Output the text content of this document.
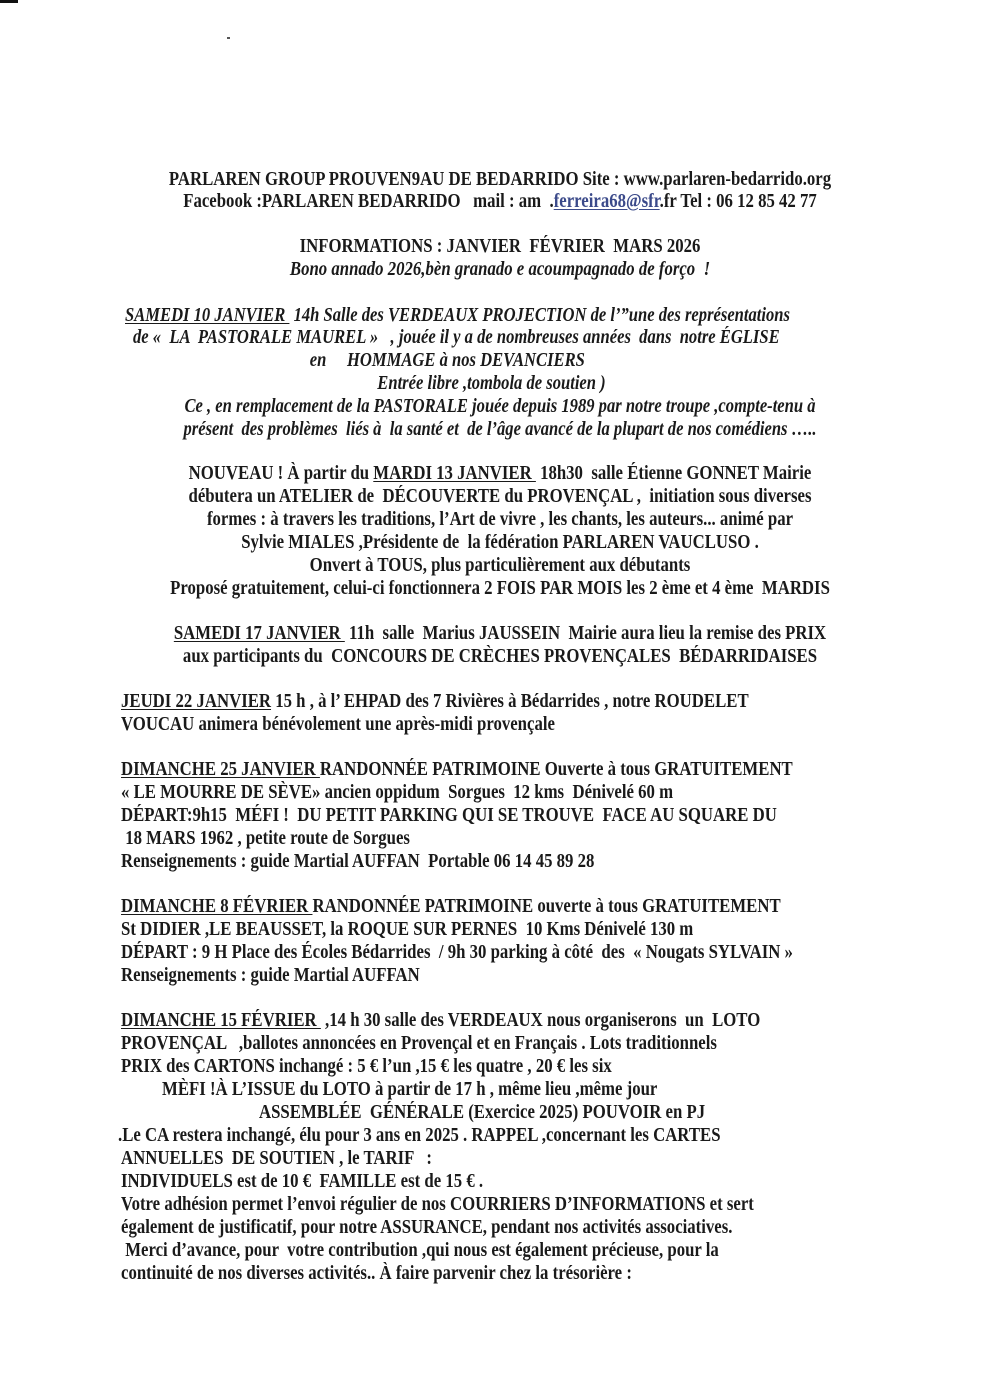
PARLAREN GROUP PROUVEN9AU DE BEDARRIDO Site : www.parlaren-bedarrido.org
Facebook :PARLAREN BEDARRIDO   mail : am  .ferreira68@sfr.fr Tel : 06 12 85 42 77
INFORMATIONS : JANVIER  FÉVRIER  MARS 2026
Bono annado 2026,bèn granado e acoumpagnado de forço  !
SAMEDI 10 JANVIER  14h Salle des VERDEAUX PROJECTION de l’”une des représentations
de «  LA  PASTORALE MAUREL »   , jouée il y a de nombreuses années  dans  notre ÉGLISE
en     HOMMAGE à nos DEVANCIERS
Entrée libre ,tombola de soutien )
Ce , en remplacement de la PASTORALE jouée depuis 1989 par notre troupe ,compte-tenu à
présent  des problèmes  liés à  la santé et  de l’âge avancé de la plupart de nos comédiens …..
NOUVEAU ! À partir du MARDI 13 JANVIER  18h30  salle Étienne GONNET Mairie
débutera un ATELIER de  DÉCOUVERTE du PROVENÇAL ,  initiation sous diverses
formes : à travers les traditions, l’Art de vivre , les chants, les auteurs... animé par
Sylvie MIALES ,Présidente de  la fédération PARLAREN VAUCLUSO .
Onvert à TOUS, plus particulièrement aux débutants
Proposé gratuitement, celui-ci fonctionnera 2 FOIS PAR MOIS les 2 ème et 4 ème  MARDIS
SAMEDI 17 JANVIER  11h  salle  Marius JAUSSEIN  Mairie aura lieu la remise des PRIX
aux participants du  CONCOURS DE CRÈCHES PROVENÇALES  BÉDARRIDAISES
JEUDI 22 JANVIER 15 h , à l’ EHPAD des 7 Rivières à Bédarrides , notre ROUDELET
VOUCAU animera bénévolement une après-midi provençale
DIMANCHE 25 JANVIER RANDONNÉE PATRIMOINE Ouverte à tous GRATUITEMENT
« LE MOURRE DE SÈVE» ancien oppidum  Sorgues  12 kms  Dénivelé 60 m
DÉPART:9h15  MÉFI !  DU PETIT PARKING QUI SE TROUVE  FACE AU SQUARE DU
18 MARS 1962 , petite route de Sorgues
Renseignements : guide Martial AUFFAN  Portable 06 14 45 89 28
DIMANCHE 8 FÉVRIER RANDONNÉE PATRIMOINE ouverte à tous GRATUITEMENT
St DIDIER ,LE BEAUSSET, la ROQUE SUR PERNES  10 Kms Dénivelé 130 m
DÉPART : 9 H Place des Écoles Bédarrides  / 9h 30 parking à côté  des  « Nougats SYLVAIN »
Renseignements : guide Martial AUFFAN
DIMANCHE 15 FÉVRIER  ,14 h 30 salle des VERDEAUX nous organiserons  un  LOTO
PROVENÇAL   ,ballotes annoncées en Provençal et en Français . Lots traditionnels
PRIX des CARTONS inchangé : 5 € l’un ,15 € les quatre , 20 € les six
MÈFI !À L’ISSUE du LOTO à partir de 17 h , même lieu ,même jour
ASSEMBLÉE  GÉNÉRALE (Exercice 2025) POUVOIR en PJ
.Le CA restera inchangé, élu pour 3 ans en 2025 . RAPPEL ,concernant les CARTES
ANNUELLES  DE SOUTIEN , le TARIF   :
INDIVIDUELS est de 10 €  FAMILLE est de 15 € .
Votre adhésion permet l’envoi régulier de nos COURRIERS D’INFORMATIONS et sert
également de justificatif, pour notre ASSURANCE, pendant nos activités associatives.
Merci d’avance, pour  votre contribution ,qui nous est également précieuse, pour la
continuité de nos diverses activités.. À faire parvenir chez la trésorière :
